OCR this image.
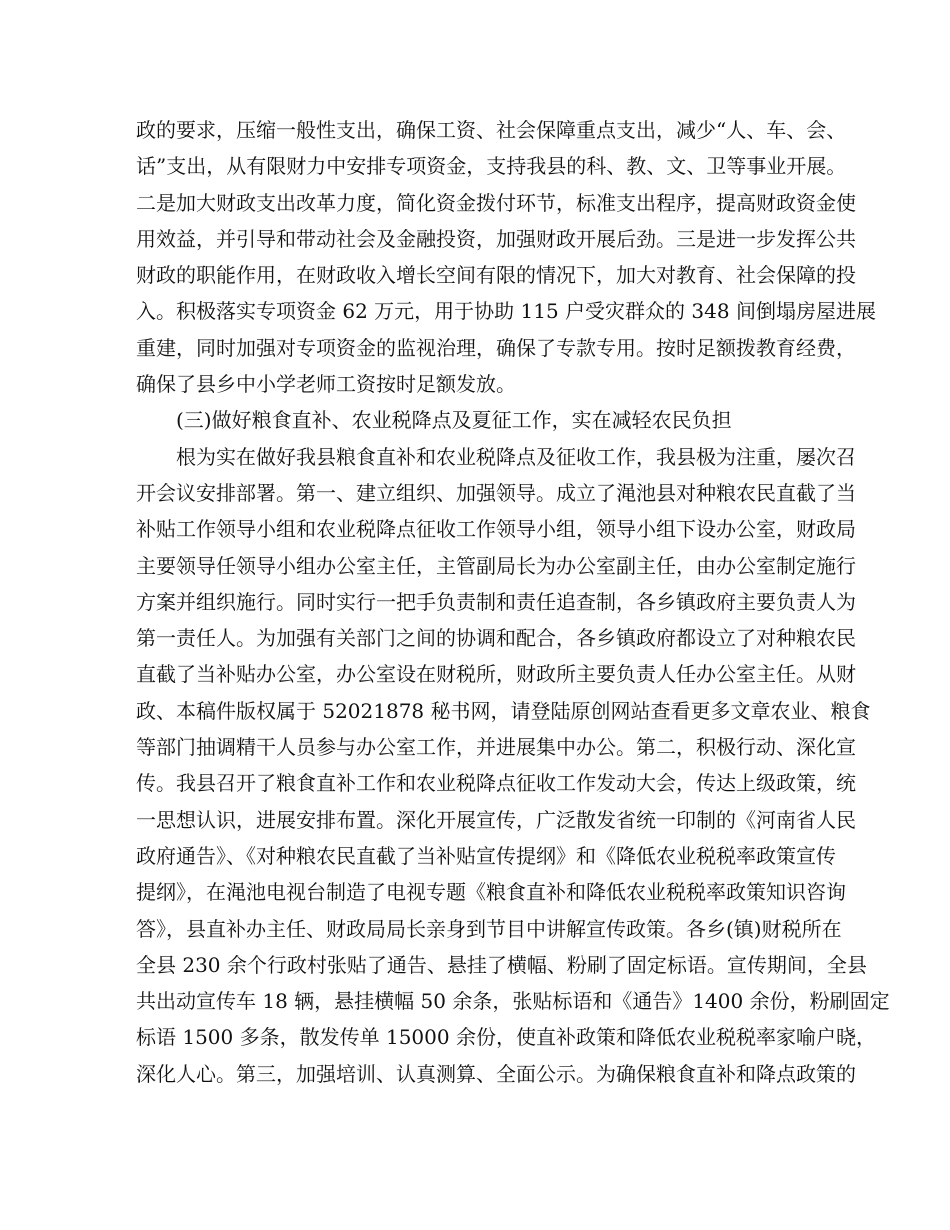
政的要求，压缩一般性支出，确保工资、社会保障重点支出，减少“人、车、会、
话”支出，从有限财力中安排专项资金，支持我县的科、教、文、卫等事业开展。
二是加大财政支出改革力度，简化资金拨付环节，标准支出程序，提高财政资金使
用效益，并引导和带动社会及金融投资，加强财政开展后劲。三是进一步发挥公共
财政的职能作用，在财政收入增长空间有限的情况下，加大对教育、社会保障的投
入。积极落实专项资金 62 万元，用于协助 115 户受灾群众的 348 间倒塌房屋进展
重建，同时加强对专项资金的监视治理，确保了专款专用。按时足额拨教育经费，
确保了县乡中小学老师工资按时足额发放。
(三)做好粮食直补、农业税降点及夏征工作，实在减轻农民负担
根为实在做好我县粮食直补和农业税降点及征收工作，我县极为注重，屡次召
开会议安排部署。第一、建立组织、加强领导。成立了渑池县对种粮农民直截了当
补贴工作领导小组和农业税降点征收工作领导小组，领导小组下设办公室，财政局
主要领导任领导小组办公室主任，主管副局长为办公室副主任，由办公室制定施行
方案并组织施行。同时实行一把手负责制和责任追查制，各乡镇政府主要负责人为
第一责任人。为加强有关部门之间的协调和配合，各乡镇政府都设立了对种粮农民
直截了当补贴办公室，办公室设在财税所，财政所主要负责人任办公室主任。从财
政、本稿件版权属于 52021878 秘书网，请登陆原创网站查看更多文章农业、粮食
等部门抽调精干人员参与办公室工作，并进展集中办公。第二，积极行动、深化宣
传。我县召开了粮食直补工作和农业税降点征收工作发动大会，传达上级政策，统
一思想认识，进展安排布置。深化开展宣传，广泛散发省统一印制的《河南省人民
政府通告》、《对种粮农民直截了当补贴宣传提纲》和《降低农业税税率政策宣传
提纲》，在渑池电视台制造了电视专题《粮食直补和降低农业税税率政策知识咨询
答》，县直补办主任、财政局局长亲身到节目中讲解宣传政策。各乡(镇)财税所在
全县 230 余个行政村张贴了通告、悬挂了横幅、粉刷了固定标语。宣传期间，全县
共出动宣传车 18 辆，悬挂横幅 50 余条，张贴标语和《通告》1400 余份，粉刷固定
标语 1500 多条，散发传单 15000 余份，使直补政策和降低农业税税率家喻户晓，
深化人心。第三，加强培训、认真测算、全面公示。为确保粮食直补和降点政策的
